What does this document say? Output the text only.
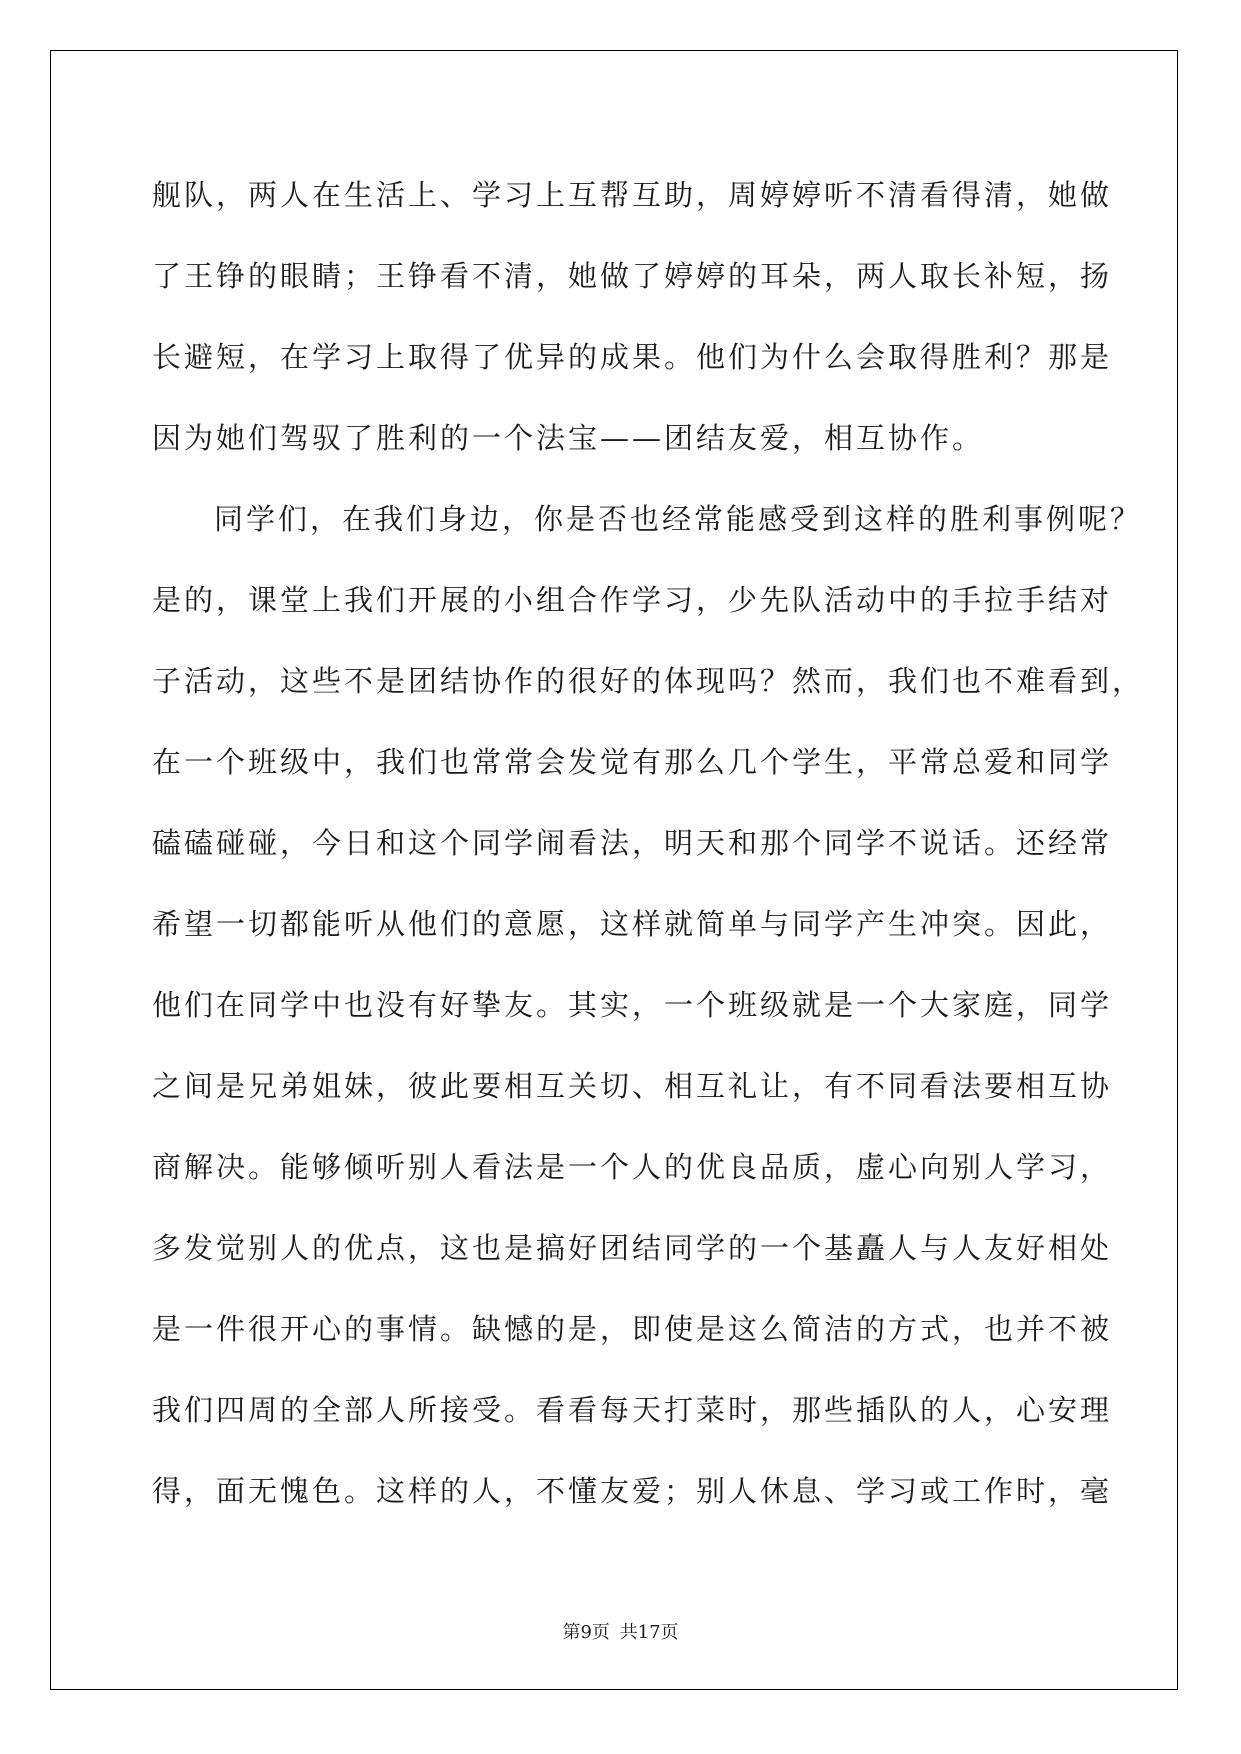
舰队，两人在生活上、学习上互帮互助，周婷婷听不清看得清，她做
了王铮的眼睛；王铮看不清，她做了婷婷的耳朵，两人取长补短，扬
长避短，在学习上取得了优异的成果。他们为什么会取得胜利？那是
因为她们驾驭了胜利的一个法宝——团结友爱，相互协作。
同学们，在我们身边，你是否也经常能感受到这样的胜利事例呢？
是的，课堂上我们开展的小组合作学习，少先队活动中的手拉手结对
子活动，这些不是团结协作的很好的体现吗？然而，我们也不难看到，
在一个班级中，我们也常常会发觉有那么几个学生，平常总爱和同学
磕磕碰碰，今日和这个同学闹看法，明天和那个同学不说话。还经常
希望一切都能听从他们的意愿，这样就简单与同学产生冲突。因此，
他们在同学中也没有好挚友。其实，一个班级就是一个大家庭，同学
之间是兄弟姐妹，彼此要相互关切、相互礼让，有不同看法要相互协
商解决。能够倾听别人看法是一个人的优良品质，虚心向别人学习，
多发觉别人的优点，这也是搞好团结同学的一个基矗人与人友好相处
是一件很开心的事情。缺憾的是，即使是这么简洁的方式，也并不被
我们四周的全部人所接受。看看每天打菜时，那些插队的人，心安理
得，面无愧色。这样的人，不懂友爱；别人休息、学习或工作时，毫
第9页 共17页
